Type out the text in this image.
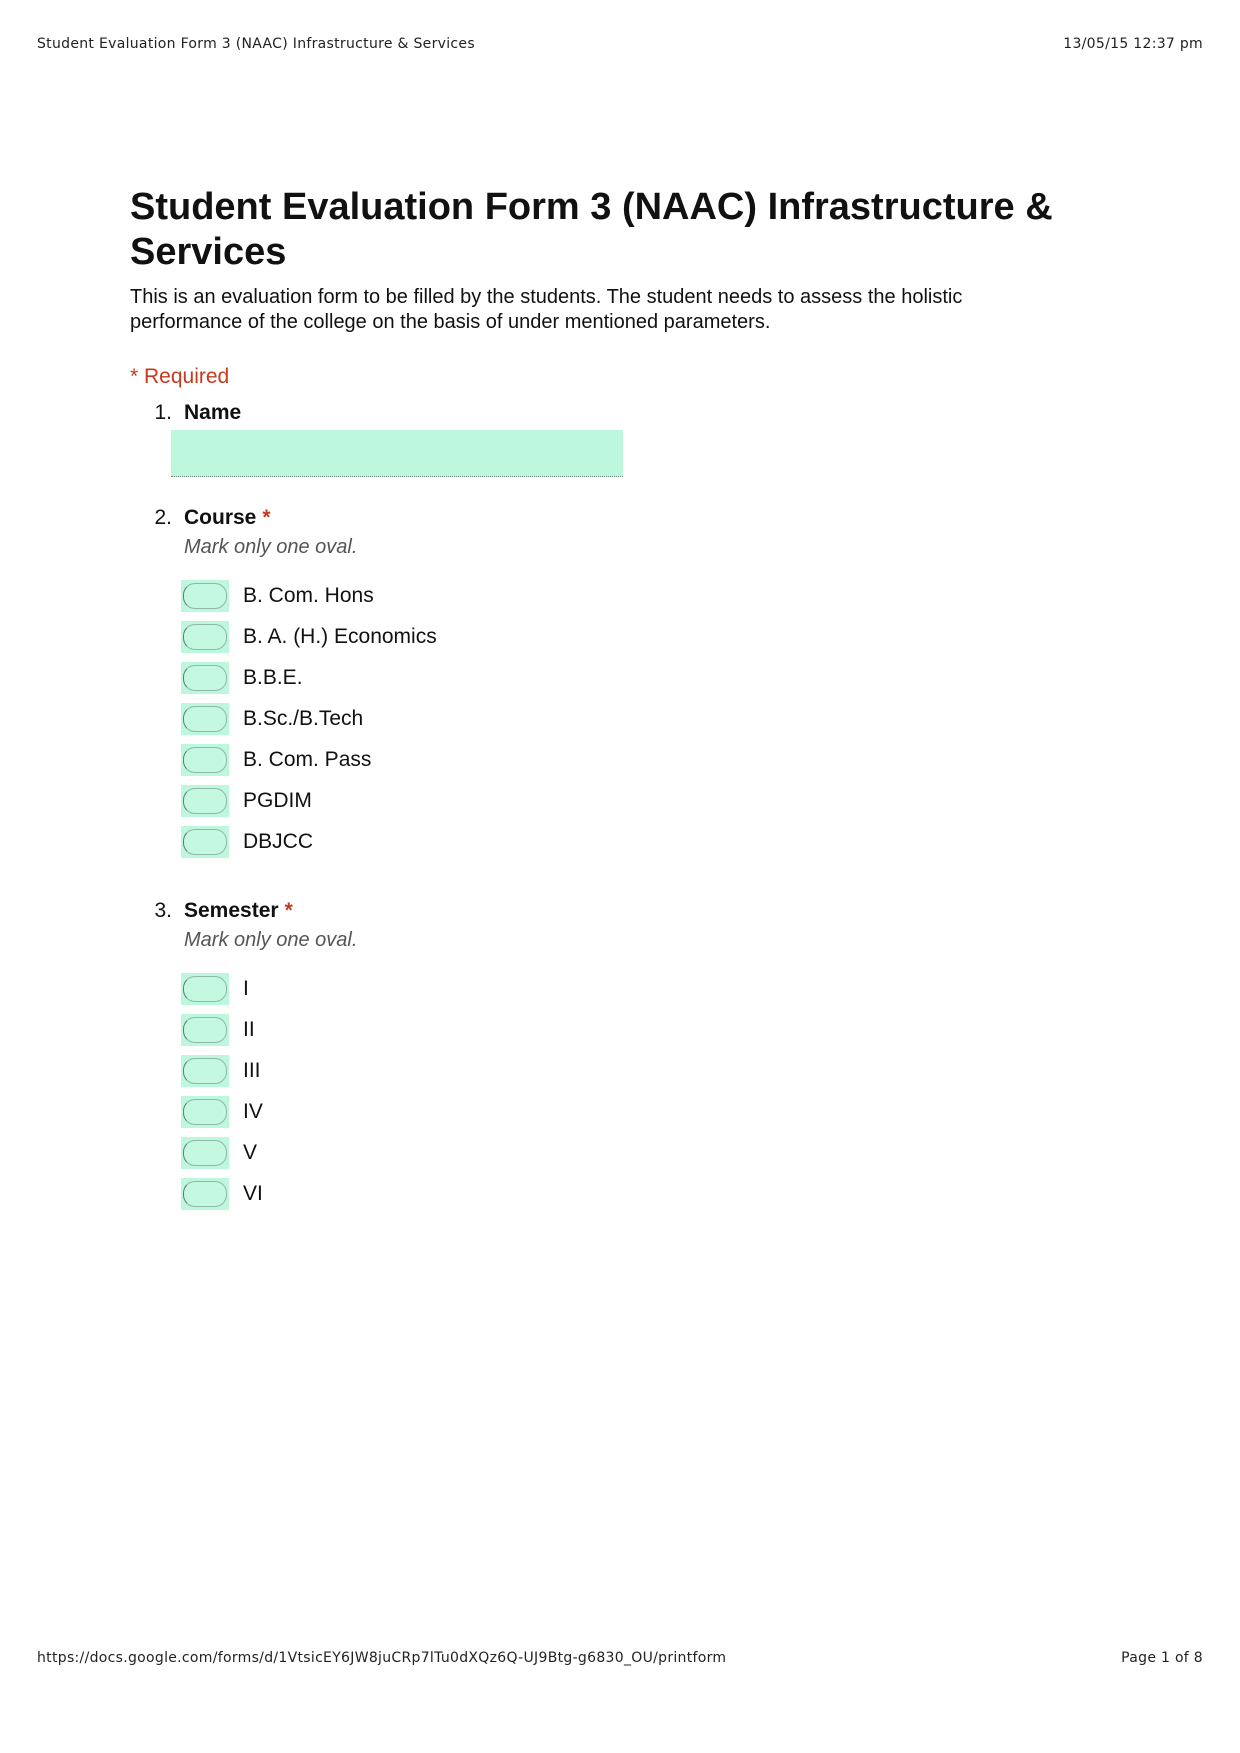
Student Evaluation Form 3 (NAAC) Infrastructure & Services	13/05/15 12:37 pm
Student Evaluation Form 3 (NAAC) Infrastructure & Services

This is an evaluation form to be filled by the students. The student needs to assess the holistic performance of the college on the basis of under mentioned parameters.

* Required
1. Name
2. Course *
Mark only one oval.
B. Com. Hons
B. A. (H.) Economics
B.B.E.
B.Sc./B.Tech
B. Com. Pass
PGDIM
DBJCC
3. Semester *
Mark only one oval.
I
II
III
IV
V
VI
https://docs.google.com/forms/d/1VtsicEY6JW8juCRp7lTu0dXQz6Q-UJ9Btg-g6830_OU/printform	Page 1 of 8
